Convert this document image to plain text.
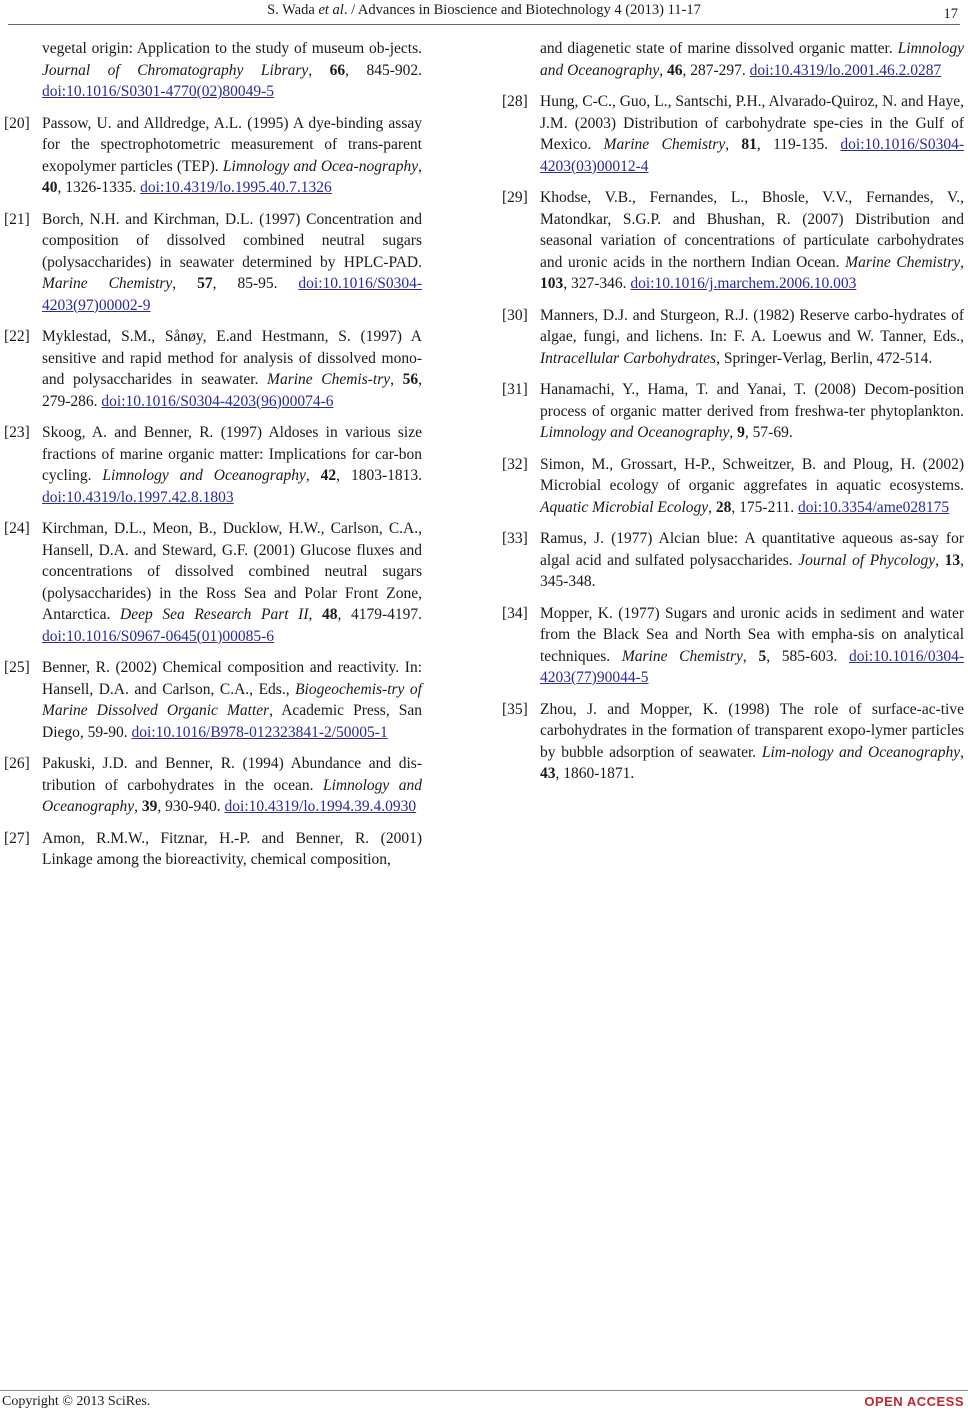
S. Wada et al. / Advances in Bioscience and Biotechnology 4 (2013) 11-17	17
vegetal origin: Application to the study of museum ob-jects. Journal of Chromatography Library, 66, 845-902. doi:10.1016/S0301-4770(02)80049-5
[20] Passow, U. and Alldredge, A.L. (1995) A dye-binding assay for the spectrophotometric measurement of trans-parent exopolymer particles (TEP). Limnology and Ocea-nography, 40, 1326-1335. doi:10.4319/lo.1995.40.7.1326
[21] Borch, N.H. and Kirchman, D.L. (1997) Concentration and composition of dissolved combined neutral sugars (polysaccharides) in seawater determined by HPLC-PAD. Marine Chemistry, 57, 85-95. doi:10.1016/S0304-4203(97)00002-9
[22] Myklestad, S.M., Sånøy, E.and Hestmann, S. (1997) A sensitive and rapid method for analysis of dissolved mono- and polysaccharides in seawater. Marine Chemis-try, 56, 279-286. doi:10.1016/S0304-4203(96)00074-6
[23] Skoog, A. and Benner, R. (1997) Aldoses in various size fractions of marine organic matter: Implications for car-bon cycling. Limnology and Oceanography, 42, 1803-1813. doi:10.4319/lo.1997.42.8.1803
[24] Kirchman, D.L., Meon, B., Ducklow, H.W., Carlson, C.A., Hansell, D.A. and Steward, G.F. (2001) Glucose fluxes and concentrations of dissolved combined neutral sugars (polysaccharides) in the Ross Sea and Polar Front Zone, Antarctica. Deep Sea Research Part II, 48, 4179-4197. doi:10.1016/S0967-0645(01)00085-6
[25] Benner, R. (2002) Chemical composition and reactivity. In: Hansell, D.A. and Carlson, C.A., Eds., Biogeochemis-try of Marine Dissolved Organic Matter, Academic Press, San Diego, 59-90. doi:10.1016/B978-012323841-2/50005-1
[26] Pakuski, J.D. and Benner, R. (1994) Abundance and dis-tribution of carbohydrates in the ocean. Limnology and Oceanography, 39, 930-940. doi:10.4319/lo.1994.39.4.0930
[27] Amon, R.M.W., Fitznar, H.-P. and Benner, R. (2001) Linkage among the bioreactivity, chemical composition,
and diagenetic state of marine dissolved organic matter. Limnology and Oceanography, 46, 287-297. doi:10.4319/lo.2001.46.2.0287
[28] Hung, C-C., Guo, L., Santschi, P.H., Alvarado-Quiroz, N. and Haye, J.M. (2003) Distribution of carbohydrate spe-cies in the Gulf of Mexico. Marine Chemistry, 81, 119-135. doi:10.1016/S0304-4203(03)00012-4
[29] Khodse, V.B., Fernandes, L., Bhosle, V.V., Fernandes, V., Matondkar, S.G.P. and Bhushan, R. (2007) Distribution and seasonal variation of concentrations of particulate carbohydrates and uronic acids in the northern Indian Ocean. Marine Chemistry, 103, 327-346. doi:10.1016/j.marchem.2006.10.003
[30] Manners, D.J. and Sturgeon, R.J. (1982) Reserve carbo-hydrates of algae, fungi, and lichens. In: F. A. Loewus and W. Tanner, Eds., Intracellular Carbohydrates, Springer-Verlag, Berlin, 472-514.
[31] Hanamachi, Y., Hama, T. and Yanai, T. (2008) Decom-position process of organic matter derived from freshwa-ter phytoplankton. Limnology and Oceanography, 9, 57-69.
[32] Simon, M., Grossart, H-P., Schweitzer, B. and Ploug, H. (2002) Microbial ecology of organic aggrefates in aquatic ecosystems. Aquatic Microbial Ecology, 28, 175-211. doi:10.3354/ame028175
[33] Ramus, J. (1977) Alcian blue: A quantitative aqueous as-say for algal acid and sulfated polysaccharides. Journal of Phycology, 13, 345-348.
[34] Mopper, K. (1977) Sugars and uronic acids in sediment and water from the Black Sea and North Sea with empha-sis on analytical techniques. Marine Chemistry, 5, 585-603. doi:10.1016/0304-4203(77)90044-5
[35] Zhou, J. and Mopper, K. (1998) The role of surface-ac-tive carbohydrates in the formation of transparent exopo-lymer particles by bubble adsorption of seawater. Lim-nology and Oceanography, 43, 1860-1871.
Copyright © 2013 SciRes.	OPEN ACCESS
